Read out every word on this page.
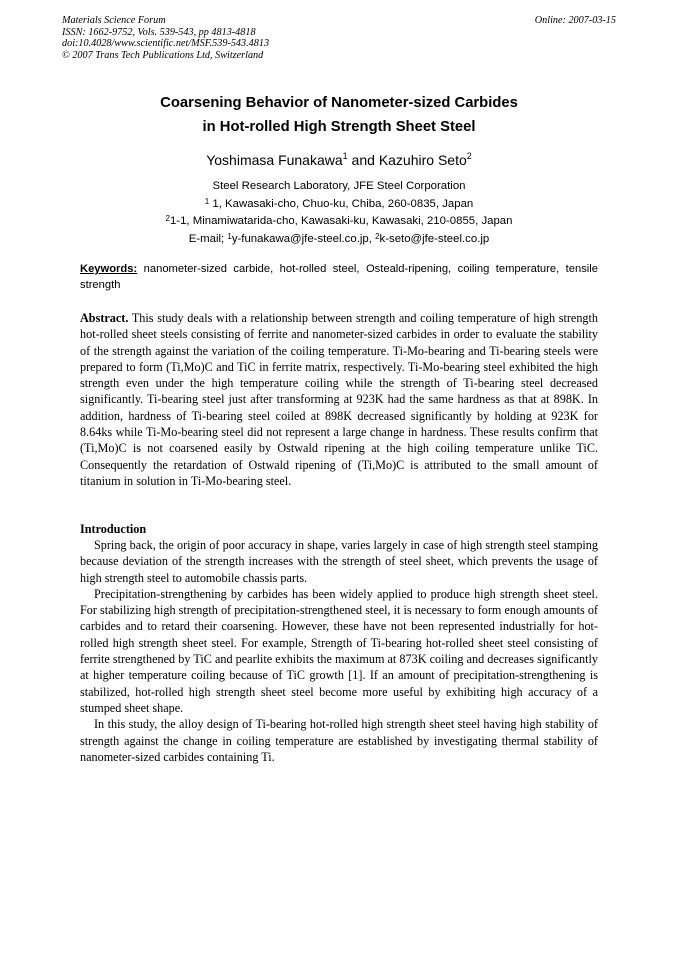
Materials Science Forum
ISSN: 1662-9752, Vols. 539-543, pp 4813-4818
doi:10.4028/www.scientific.net/MSF.539-543.4813
© 2007 Trans Tech Publications Ltd, Switzerland
Online: 2007-03-15
Coarsening Behavior of Nanometer-sized Carbides
in Hot-rolled High Strength Sheet Steel
Yoshimasa Funakawa$^1$ and Kazuhiro Seto$^2$
Steel Research Laboratory, JFE Steel Corporation
$^1$ 1, Kawasaki-cho, Chuo-ku, Chiba, 260-0835, Japan
$^2$1-1, Minamiwatarida-cho, Kawasaki-ku, Kawasaki, 210-0855, Japan
E-mail; $^1$y-funakawa@jfe-steel.co.jp, $^2$k-seto@jfe-steel.co.jp
Keywords: nanometer-sized carbide, hot-rolled steel, Osteald-ripening, coiling temperature, tensile strength
Abstract. This study deals with a relationship between strength and coiling temperature of high strength hot-rolled sheet steels consisting of ferrite and nanometer-sized carbides in order to evaluate the stability of the strength against the variation of the coiling temperature. Ti-Mo-bearing and Ti-bearing steels were prepared to form (Ti,Mo)C and TiC in ferrite matrix, respectively. Ti-Mo-bearing steel exhibited the high strength even under the high temperature coiling while the strength of Ti-bearing steel decreased significantly. Ti-bearing steel just after transforming at 923K had the same hardness as that at 898K. In addition, hardness of Ti-bearing steel coiled at 898K decreased significantly by holding at 923K for 8.64ks while Ti-Mo-bearing steel did not represent a large change in hardness. These results confirm that (Ti,Mo)C is not coarsened easily by Ostwald ripening at the high coiling temperature unlike TiC. Consequently the retardation of Ostwald ripening of (Ti,Mo)C is attributed to the small amount of titanium in solution in Ti-Mo-bearing steel.
Introduction

Spring back, the origin of poor accuracy in shape, varies largely in case of high strength steel stamping because deviation of the strength increases with the strength of steel sheet, which prevents the usage of high strength steel to automobile chassis parts.

Precipitation-strengthening by carbides has been widely applied to produce high strength sheet steel. For stabilizing high strength of precipitation-strengthened steel, it is necessary to form enough amounts of carbides and to retard their coarsening. However, these have not been represented industrially for hot-rolled high strength sheet steel. For example, Strength of Ti-bearing hot-rolled sheet steel consisting of ferrite strengthened by TiC and pearlite exhibits the maximum at 873K coiling and decreases significantly at higher temperature coiling because of TiC growth [1]. If an amount of precipitation-strengthening is stabilized, hot-rolled high strength sheet steel become more useful by exhibiting high accuracy of a stumped sheet shape.

In this study, the alloy design of Ti-bearing hot-rolled high strength sheet steel having high stability of strength against the change in coiling temperature are established by investigating thermal stability of nanometer-sized carbides containing Ti.
